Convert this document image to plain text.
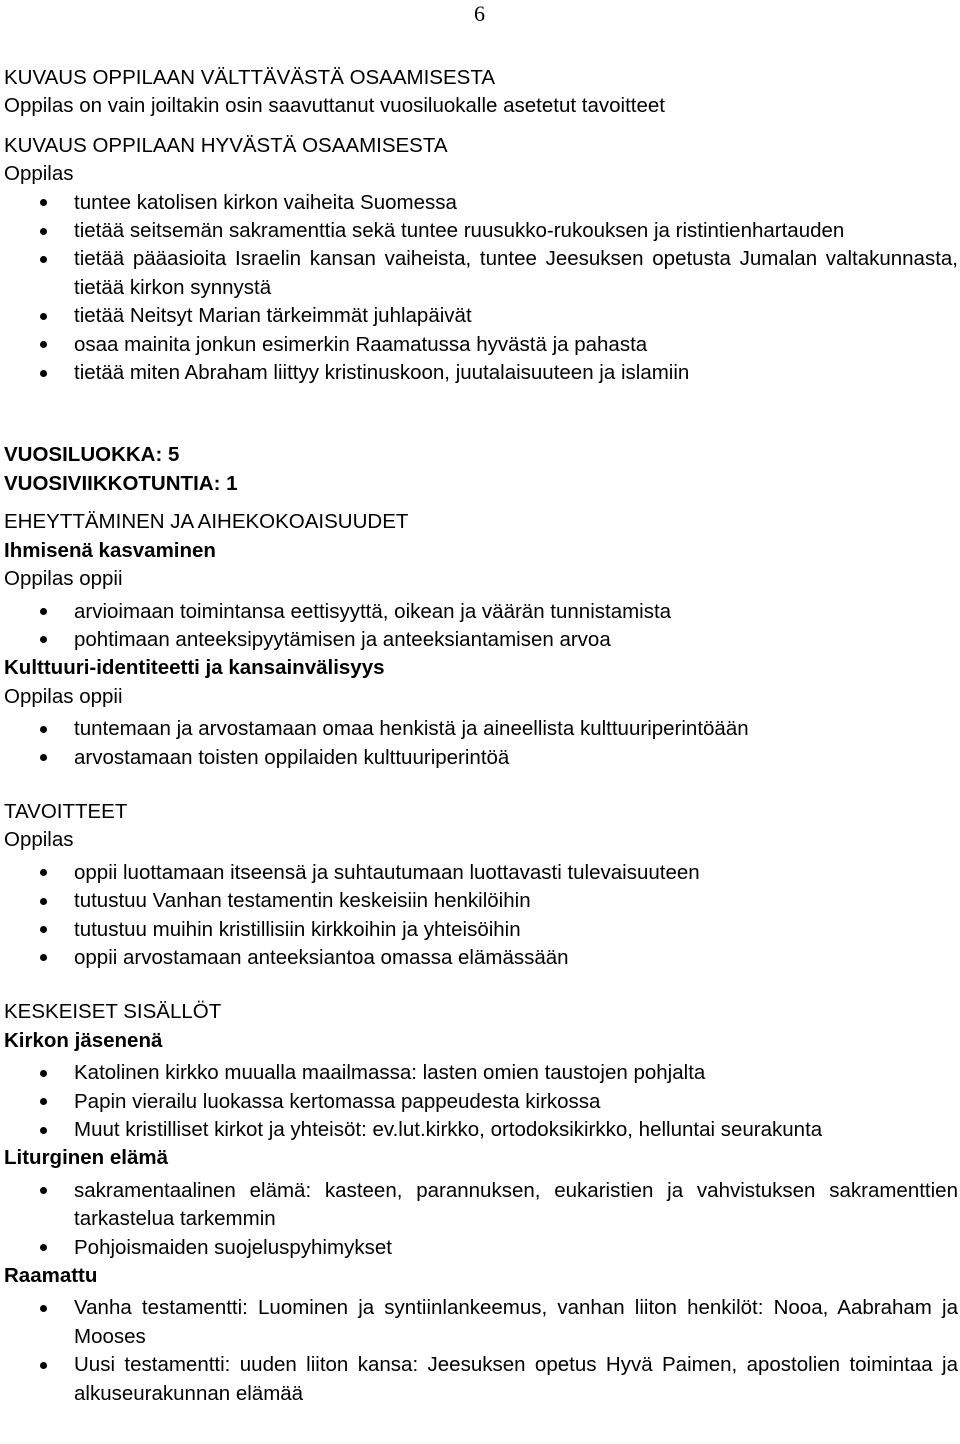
6
KUVAUS OPPILAAN VÄLTTÄVÄSTÄ OSAAMISESTA
Oppilas on vain joiltakin osin saavuttanut vuosiluokalle asetetut tavoitteet
KUVAUS OPPILAAN HYVÄSTÄ OSAAMISESTA
Oppilas
tuntee katolisen kirkon vaiheita Suomessa
tietää seitsemän sakramenttia sekä tuntee ruusukko-rukouksen ja ristintienhartauden
tietää pääasioita Israelin kansan vaiheista, tuntee Jeesuksen opetusta Jumalan valtakunnasta, tietää kirkon synnystä
tietää Neitsyt Marian tärkeimmät juhlapäivät
osaa mainita jonkun esimerkin Raamatussa hyvästä ja pahasta
tietää miten Abraham liittyy kristinuskoon, juutalaisuuteen ja islamiin
VUOSILUOKKA: 5
VUOSIVIIKKOTUNTIA: 1
EHEYTTÄMINEN JA AIHEKOKOAISUUDET
Ihmisenä kasvaminen
Oppilas oppii
arvioimaan toimintansa eettisyyttä, oikean ja väärän tunnistamista
pohtimaan anteeksipyytämisen ja anteeksiantamisen arvoa
Kulttuuri-identiteetti ja kansainvälisyys
Oppilas oppii
tuntemaan ja arvostamaan omaa henkistä ja aineellista kulttuuriperintöään
arvostamaan toisten oppilaiden kulttuuriperintöä
TAVOITTEET
Oppilas
oppii luottamaan itseensä ja suhtautumaan luottavasti tulevaisuuteen
tutustuu Vanhan testamentin keskeisiin henkilöihin
tutustuu muihin kristillisiin kirkkoihin ja yhteisöihin
oppii arvostamaan anteeksiantoa omassa elämässään
KESKEISET SISÄLLÖT
Kirkon jäsenenä
Katolinen kirkko muualla maailmassa: lasten omien taustojen pohjalta
Papin vierailu luokassa kertomassa pappeudesta kirkossa
Muut kristilliset kirkot ja yhteisöt: ev.lut.kirkko, ortodoksikirkko, helluntai seurakunta
Liturginen elämä
sakramentaalinen elämä: kasteen, parannuksen, eukaristien ja vahvistuksen sakramenttien tarkastelua tarkemmin
Pohjoismaiden suojeluspyhimykset
Raamattu
Vanha testamentti: Luominen ja syntiinlankeemus, vanhan liiton henkilöt: Nooa, Aabraham ja Mooses
Uusi testamentti: uuden liiton kansa: Jeesuksen opetus Hyvä Paimen, apostolien toimintaa ja alkuseurakunnan elämää
